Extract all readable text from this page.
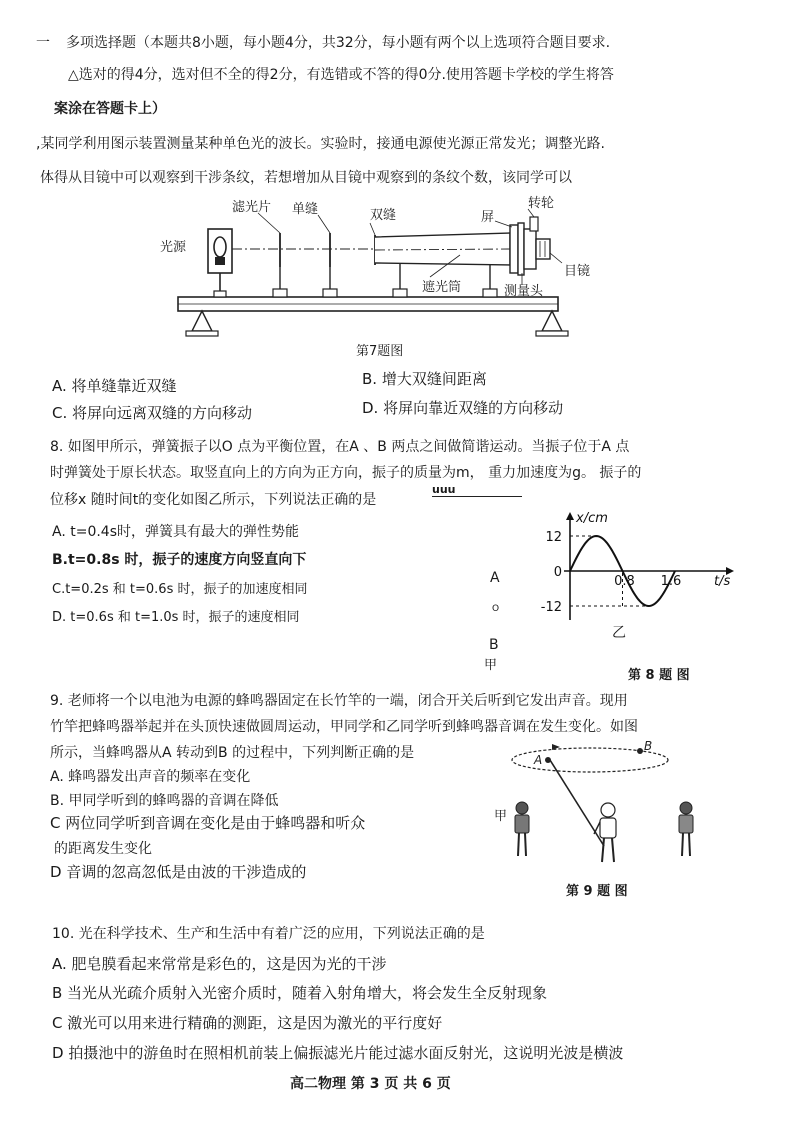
一 多项选择题（本题共8小题，每小题4分，共32分，每小题有两个以上选项符合题目要求.
△选对的得4分，选对但不全的得2分，有选错或不答的得0分.使用答题卡学校的学生将答
案涂在答题卡上）
,某同学利用图示装置测量某种单色光的波长。实验时，接通电源使光源正常发光；调整光路.
体得从目镜中可以观察到干涉条纹，若想增加从目镜中观察到的条纹个数，该同学可以
光源
滤光片 单缝	双缝	屏
转轮
遮光筒	测量头
目镜
第7题图
A. 将单缝靠近双缝	B. 增大双缝间距离
C. 将屏向远离双缝的方向移动	D. 将屏向靠近双缝的方向移动
8. 如图甲所示，弹簧振子以O 点为平衡位置，在A 、B 两点之间做简谐运动。当振子位于A 点
时弹簧处于原长状态。取竖直向上的方向为正方向，振子的质量为m， 重力加速度为g。 振子的
位移x 随时间t的变化如图乙所示，下列说法正确的是
uuu
A. t=0.4s时，弹簧具有最大的弹性势能
B.t=0.8s 时，振子的速度方向竖直向下
C.t=0.2s 和 t=0.6s 时，振子的加速度相同
D. t=0.6s 和 t=1.0s 时，振子的速度相同
A
O
B
甲
x/cm
t/s
12
0
-12
0.8 1.6
乙
第 8 题 图
9. 老师将一个以电池为电源的蜂鸣器固定在长竹竿的一端，闭合开关后听到它发出声音。现用
竹竿把蜂鸣器举起并在头顶快速做圆周运动，甲同学和乙同学听到蜂鸣器音调在发生变化。如图
所示，当蜂鸣器从A 转动到B 的过程中，下列判断正确的是
A. 蜂鸣器发出声音的频率在变化
B. 甲同学听到的蜂鸣器的音调在降低
C 两位同学听到音调在变化是由于蜂鸣器和听众
的距离发生变化
D 音调的忽高忽低是由波的干涉造成的
A
B
甲
第 9 题 图
10. 光在科学技术、生产和生活中有着广泛的应用，下列说法正确的是
A. 肥皂膜看起来常常是彩色的，这是因为光的干涉
B 当光从光疏介质射入光密介质时，随着入射角增大，将会发生全反射现象
C 激光可以用来进行精确的测距，这是因为激光的平行度好
D 拍摄池中的游鱼时在照相机前装上偏振滤光片能过滤水面反射光，这说明光波是横波
高二物理 第 3 页 共 6 页
